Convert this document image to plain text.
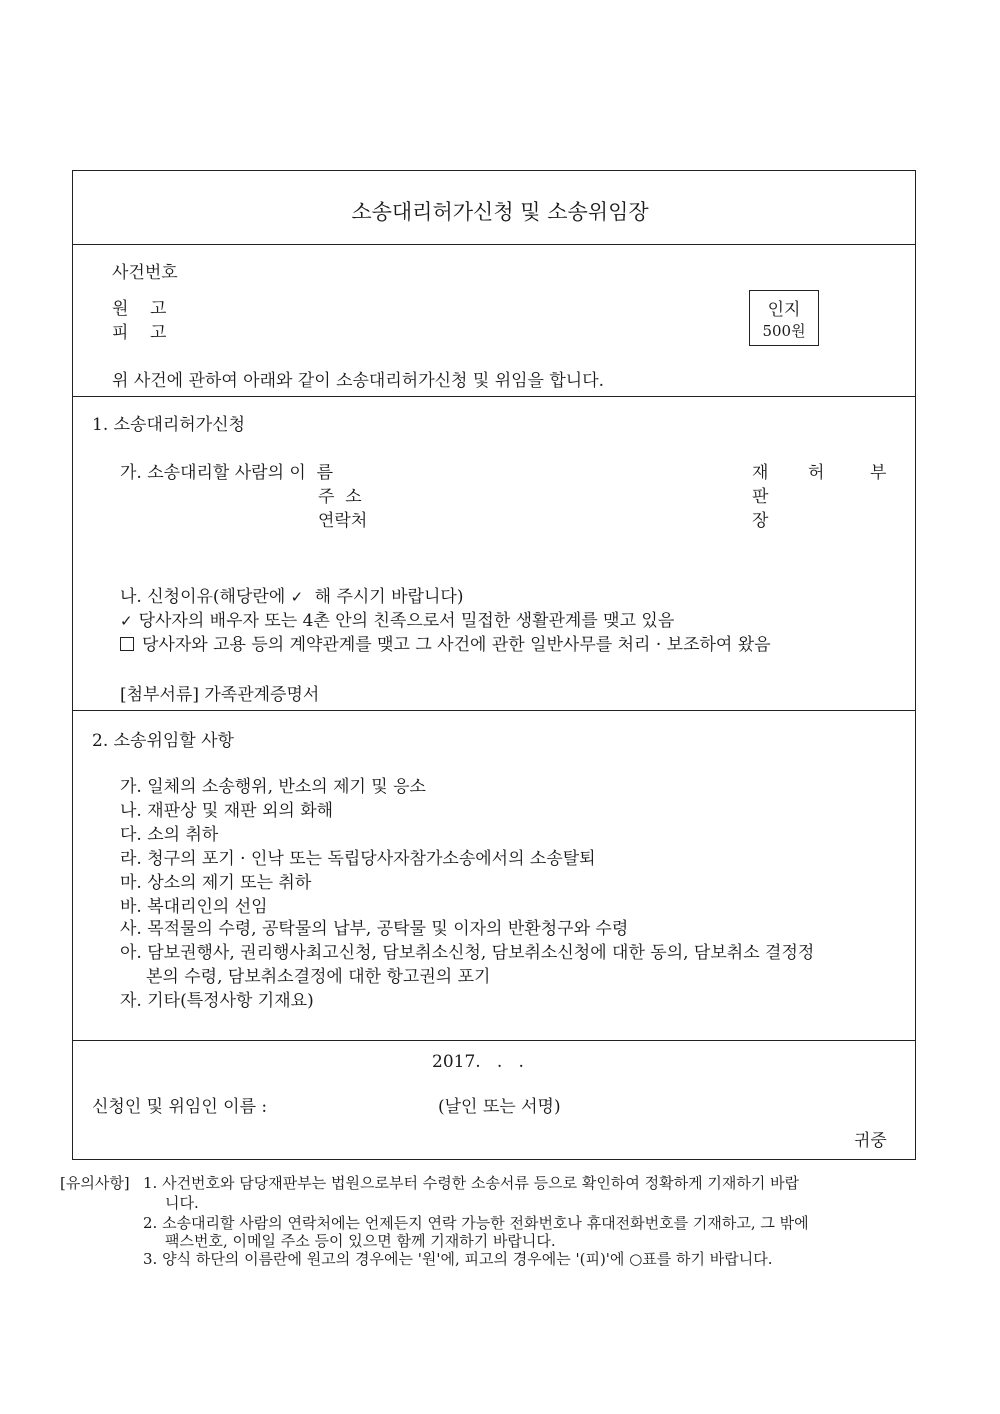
소송대리허가신청 및 소송위임장
사건번호
원    고
피    고
인지
500원
위 사건에 관하여 아래와 같이 소송대리허가신청 및 위임을 합니다.
1. 소송대리허가신청
가. 소송대리할 사람의 이  름
주  소
연락처
재
판
장
허	부
나. 신청이유(해당란에 ✓ 해 주시기 바랍니다)
✓ 당사자의 배우자 또는 4촌 안의 친족으로서 밀접한 생활관계를 맺고 있음
당사자와 고용 등의 계약관계를 맺고 그 사건에 관한 일반사무를 처리 · 보조하여 왔음
[첨부서류] 가족관계증명서
2. 소송위임할 사항
가. 일체의 소송행위, 반소의 제기 및 응소
나. 재판상 및 재판 외의 화해
다. 소의 취하
라. 청구의 포기 · 인낙 또는 독립당사자참가소송에서의 소송탈퇴
마. 상소의 제기 또는 취하
바. 복대리인의 선임
사. 목적물의 수령, 공탁물의 납부, 공탁물 및 이자의 반환청구와 수령
아. 담보권행사, 권리행사최고신청, 담보취소신청, 담보취소신청에 대한 동의, 담보취소 결정정
본의 수령, 담보취소결정에 대한 항고권의 포기
자. 기타(특정사항 기재요)
2017.   .   .
신청인 및 위임인 이름 :	(날인 또는 서명)
귀중
[유의사항] 1. 사건번호와 담당재판부는 법원으로부터 수령한 소송서류 등으로 확인하여 정확하게 기재하기 바랍
니다.
2. 소송대리할 사람의 연락처에는 언제든지 연락 가능한 전화번호나 휴대전화번호를 기재하고, 그 밖에
팩스번호, 이메일 주소 등이 있으면 함께 기재하기 바랍니다.
3. 양식 하단의 이름란에 원고의 경우에는 '원'에, 피고의 경우에는 '(피)'에 ○표를 하기 바랍니다.
